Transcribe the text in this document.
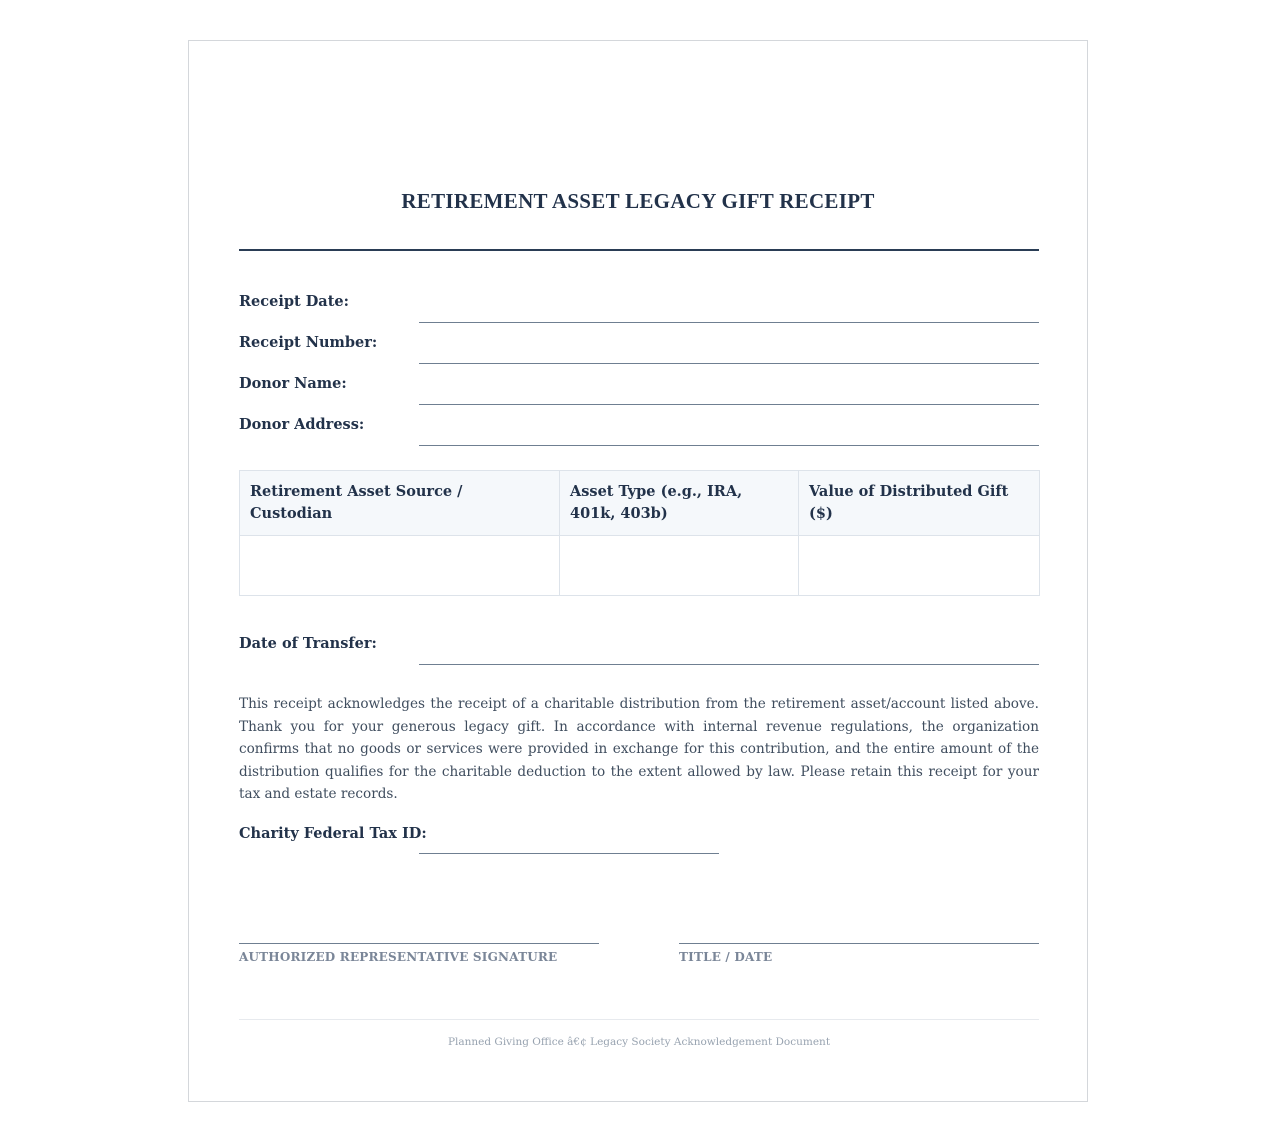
RETIREMENT ASSET LEGACY GIFT RECEIPT
Receipt Date:
Receipt Number:
Donor Name:
Donor Address:
Retirement Asset Source / Custodian	Asset Type (e.g., IRA, 401k, 403b)	Value of Distributed Gift ($)

Date of Transfer:

This receipt acknowledges the receipt of a charitable distribution from the retirement asset/account listed above. Thank you for your generous legacy gift. In accordance with internal revenue regulations, the organization confirms that no goods or services were provided in exchange for this contribution, and the entire amount of the distribution qualifies for the charitable deduction to the extent allowed by law. Please retain this receipt for your tax and estate records.

Charity Federal Tax ID:
AUTHORIZED REPRESENTATIVE SIGNATURE	TITLE / DATE
Planned Giving Office â€¢ Legacy Society Acknowledgement Document
